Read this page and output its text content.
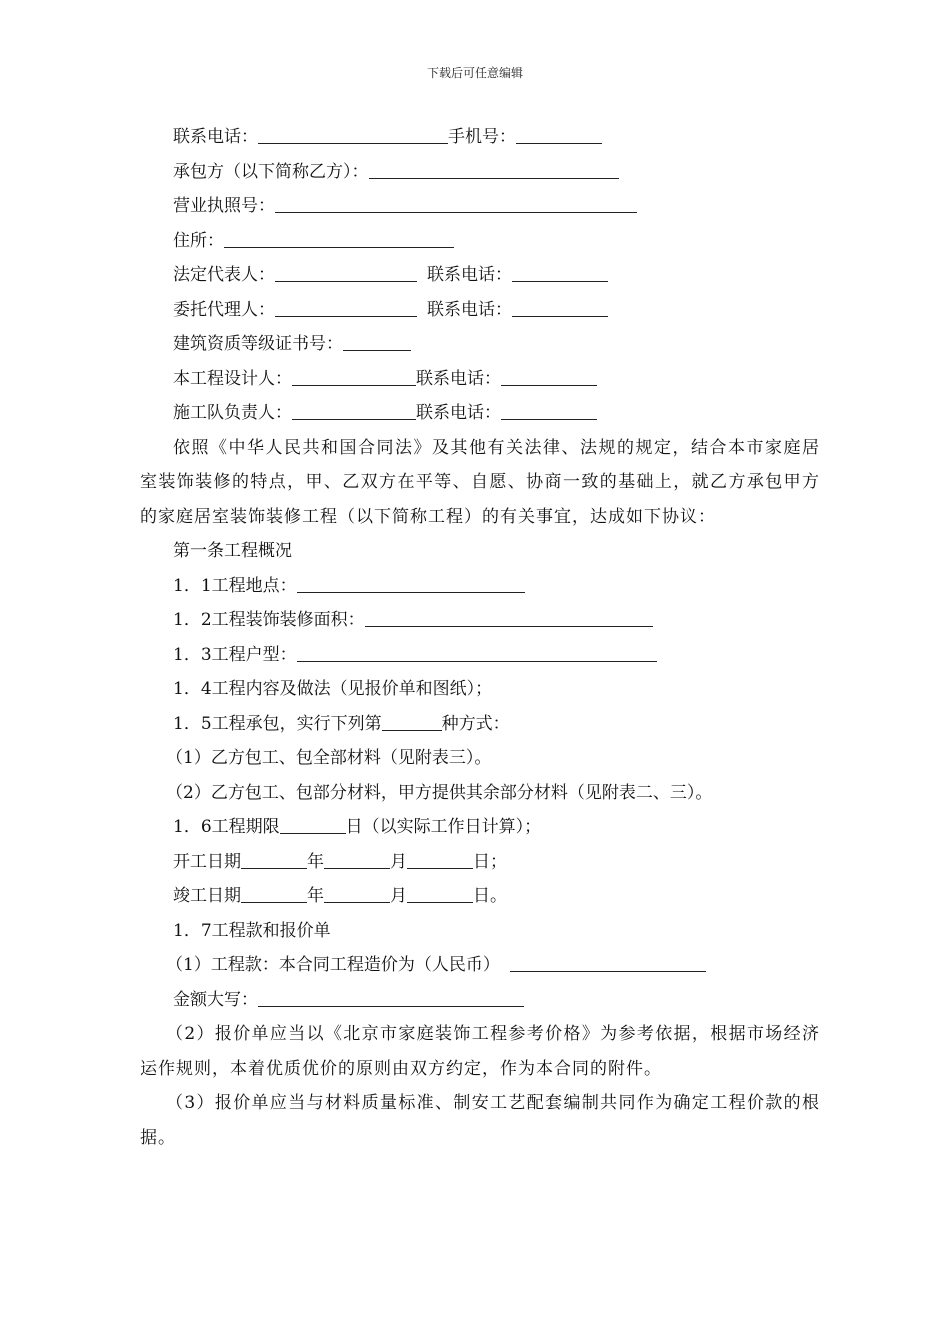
下载后可任意编辑
联系电话：	手机号：
承包方（以下简称乙方）：
营业执照号：
住所：
法定代表人：	联系电话：
委托代理人：	联系电话：
建筑资质等级证书号：
本工程设计人：	联系电话：
施工队负责人：	联系电话：
依照《中华人民共和国合同法》及其他有关法律、法规的规定，结合本市家庭居室装饰装修的特点，甲、乙双方在平等、自愿、协商一致的基础上，就乙方承包甲方的家庭居室装饰装修工程（以下简称工程）的有关事宜，达成如下协议：
第一条工程概况
1．1工程地点：
1．2工程装饰装修面积：
1．3工程户型：
1．4工程内容及做法（见报价单和图纸）；
1．5工程承包，实行下列第	种方式：
（1）乙方包工、包全部材料（见附表三）。
（2）乙方包工、包部分材料，甲方提供其余部分材料（见附表二、三）。
1．6工程期限	日（以实际工作日计算）；
开工日期	年	月	日；
竣工日期	年	月	日。
1．7工程款和报价单
（1）工程款：本合同工程造价为（人民币）
金额大写：
（2）报价单应当以《北京市家庭装饰工程参考价格》为参考依据，根据市场经济运作规则，本着优质优价的原则由双方约定，作为本合同的附件。
（3）报价单应当与材料质量标准、制安工艺配套编制共同作为确定工程价款的根据。
